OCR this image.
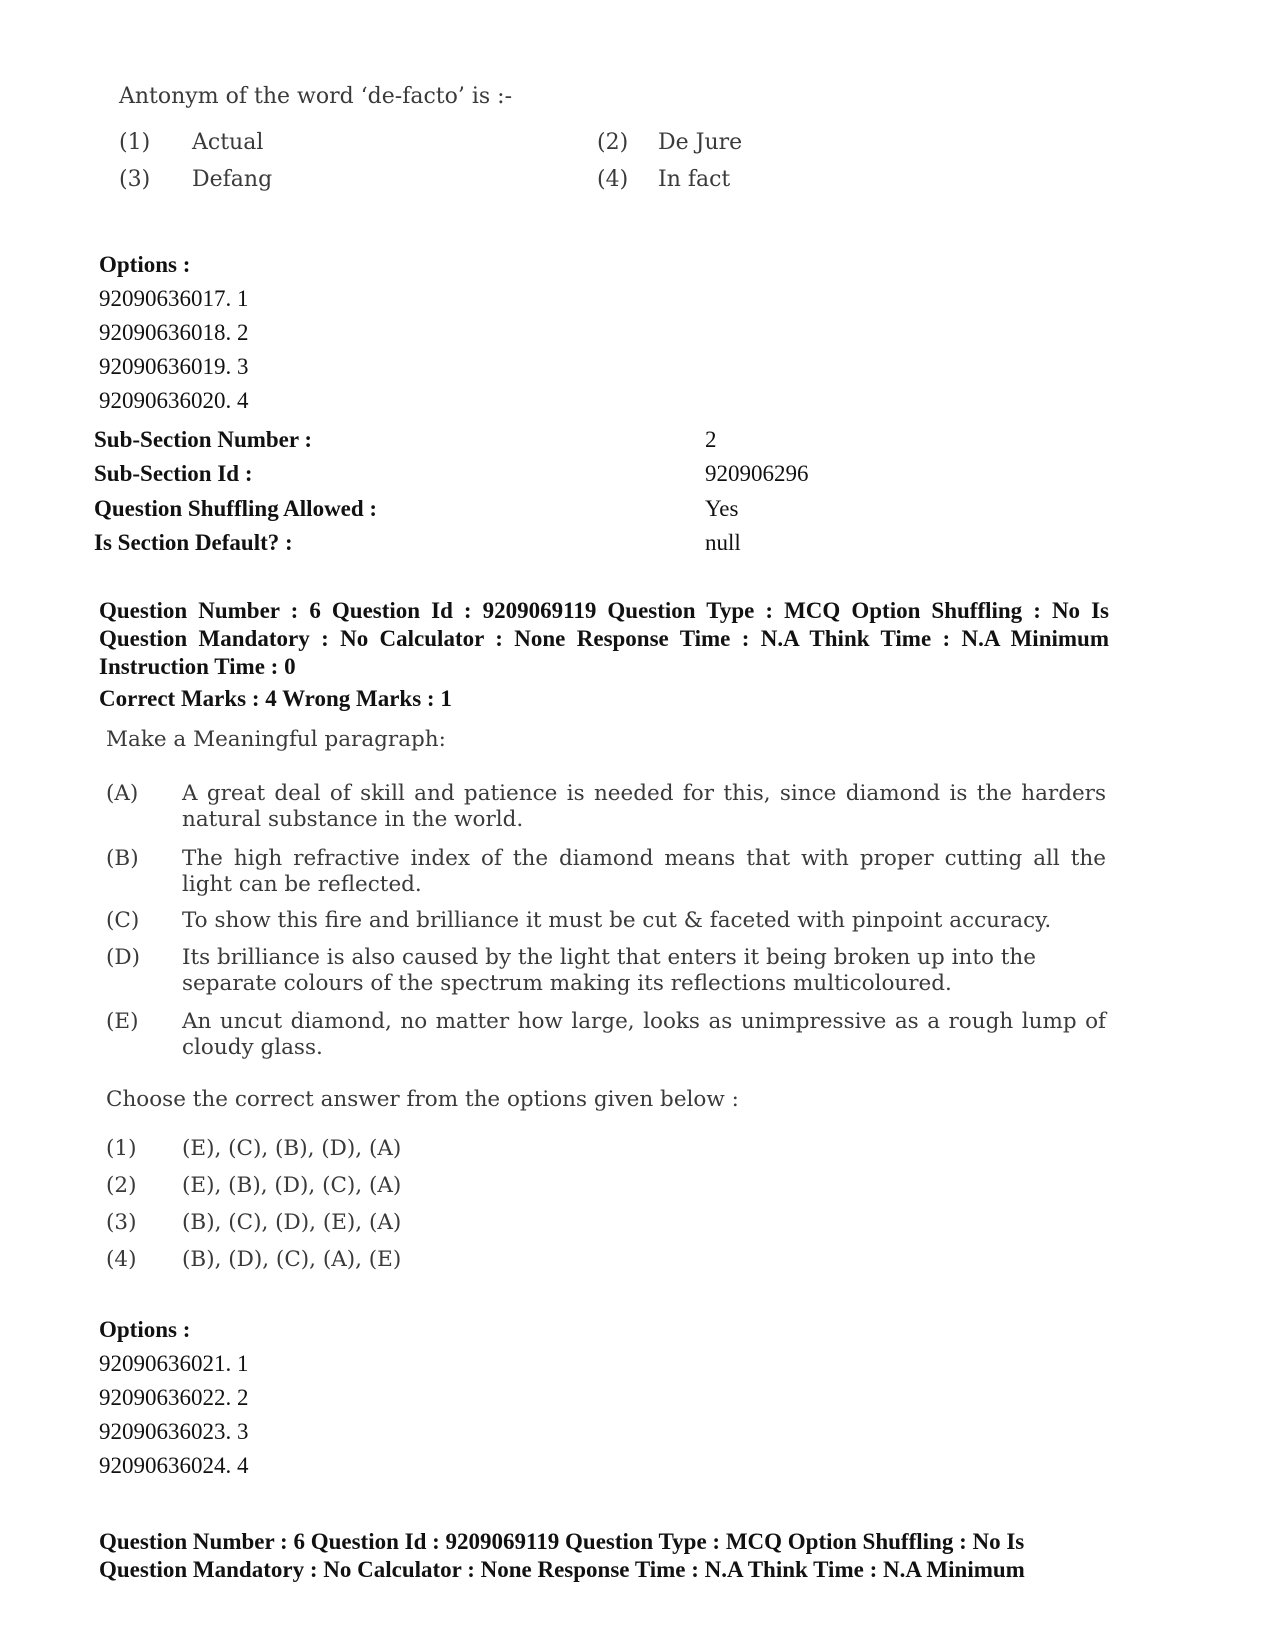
Antonym of the word ‘de-facto’ is :-
(1) Actual	(2) De Jure
(3) Defang	(4) In fact
Options :
92090636017. 1
92090636018. 2
92090636019. 3
92090636020. 4
Sub-Section Number :	2
Sub-Section Id :	920906296
Question Shuffling Allowed :	Yes
Is Section Default? :	null
Question Number : 6 Question Id : 9209069119 Question Type : MCQ Option Shuffling : No Is Question Mandatory : No Calculator : None Response Time : N.A Think Time : N.A Minimum Instruction Time : 0
Correct Marks : 4 Wrong Marks : 1
Make a Meaningful paragraph:
(A) A great deal of skill and patience is needed for this, since diamond is the harders natural substance in the world.
(B) The high refractive index of the diamond means that with proper cutting all the light can be reflected.
(C) To show this fire and brilliance it must be cut & faceted with pinpoint accuracy.
(D) Its brilliance is also caused by the light that enters it being broken up into the separate colours of the spectrum making its reflections multicoloured.
(E) An uncut diamond, no matter how large, looks as unimpressive as a rough lump of cloudy glass.
Choose the correct answer from the options given below :
(1) (E), (C), (B), (D), (A)
(2) (E), (B), (D), (C), (A)
(3) (B), (C), (D), (E), (A)
(4) (B), (D), (C), (A), (E)
Options :
92090636021. 1
92090636022. 2
92090636023. 3
92090636024. 4
Question Number : 6 Question Id : 9209069119 Question Type : MCQ Option Shuffling : No Is
Question Mandatory : No Calculator : None Response Time : N.A Think Time : N.A Minimum
